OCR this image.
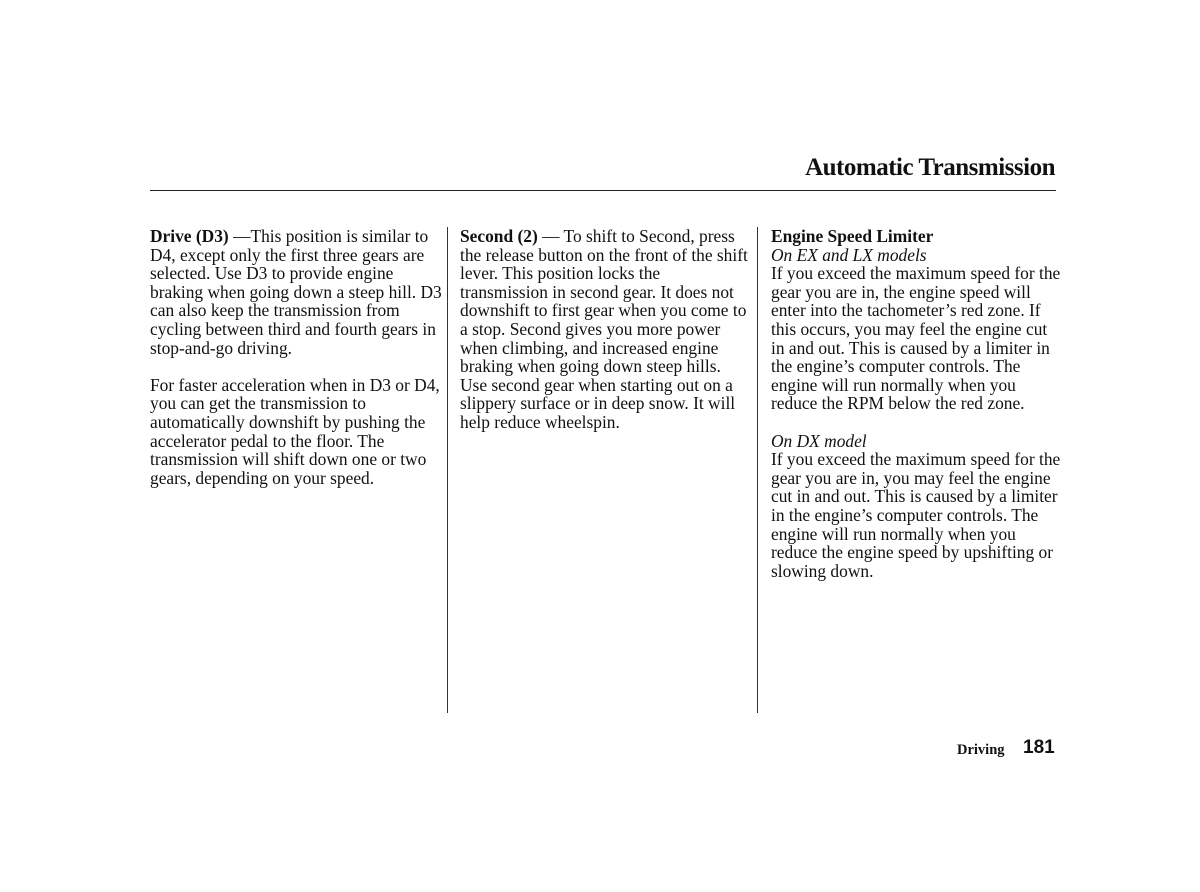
Automatic Transmission

Drive (D3) —This position is similar to D4, except only the first three gears are selected. Use D3 to provide engine braking when going down a steep hill. D3 can also keep the transmission from cycling between third and fourth gears in stop-and-go driving.

For faster acceleration when in D3 or D4, you can get the transmission to automatically downshift by pushing the accelerator pedal to the floor. The transmission will shift down one or two gears, depending on your speed.

Second (2) — To shift to Second, press the release button on the front of the shift lever. This position locks the transmission in second gear. It does not downshift to first gear when you come to a stop. Second gives you more power when climbing, and increased engine braking when going down steep hills. Use second gear when starting out on a slippery surface or in deep snow. It will help reduce wheelspin.

Engine Speed Limiter

On EX and LX models

If you exceed the maximum speed for the gear you are in, the engine speed will enter into the tachometer’s red zone. If this occurs, you may feel the engine cut in and out. This is caused by a limiter in the engine’s computer controls. The engine will run normally when you reduce the RPM below the red zone.

On DX model

If you exceed the maximum speed for the gear you are in, you may feel the engine cut in and out. This is caused by a limiter in the engine’s computer controls. The engine will run normally when you reduce the engine speed by upshifting or slowing down.

Driving 181
